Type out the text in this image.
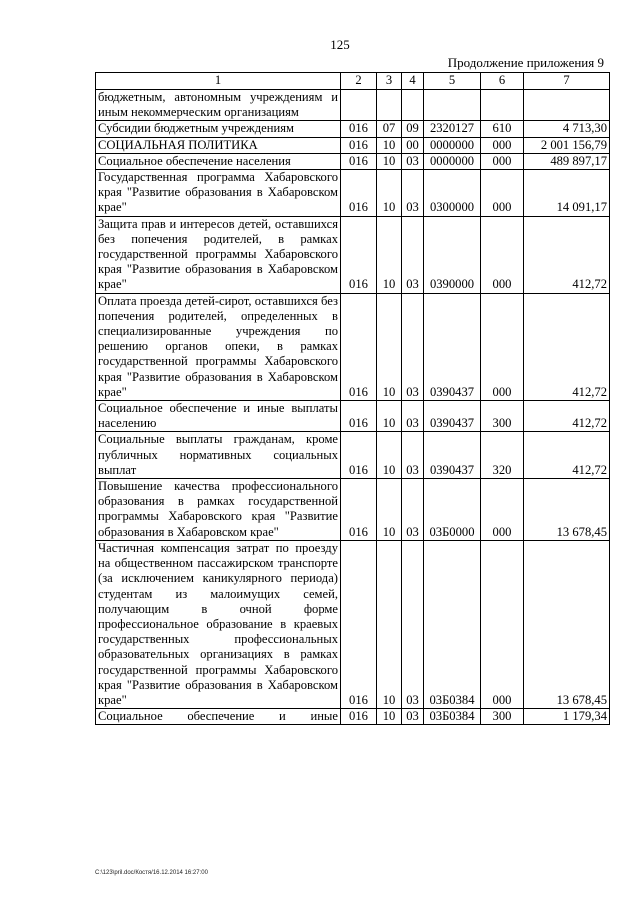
125
Продолжение приложения 9
1	2	3	4	5	6	7
бюджетным, автономным учреждениям и иным некоммерческим организациям						
Субсидии бюджетным учреждениям	016	07	09	2320127	610	4 713,30
СОЦИАЛЬНАЯ ПОЛИТИКА	016	10	00	0000000	000	2 001 156,79
Социальное обеспечение населения	016	10	03	0000000	000	489 897,17
Государственная программа Хабаровского края "Развитие образования в Хабаровском крае"	016	10	03	0300000	000	14 091,17
Защита прав и интересов детей, оставшихся без попечения родителей, в рамках государственной программы Хабаровского края "Развитие образования в Хабаровском крае"	016	10	03	0390000	000	412,72
Оплата проезда детей-сирот, оставшихся без попечения родителей, определенных в специализированные учреждения по решению органов опеки, в рамках государственной программы Хабаровского края "Развитие образования в Хабаровском крае"	016	10	03	0390437	000	412,72
Социальное обеспечение и иные выплаты населению	016	10	03	0390437	300	412,72
Социальные выплаты гражданам, кроме публичных нормативных социальных выплат	016	10	03	0390437	320	412,72
Повышение качества профессионального образования в рамках государственной программы Хабаровского края "Развитие образования в Хабаровском крае"	016	10	03	03Б0000	000	13 678,45
Частичная компенсация затрат по проезду на общественном пассажирском транспорте (за исключением каникулярного периода) студентам из малоимущих семей, получающим в очной форме профессиональное образование в краевых государственных профессиональных образовательных организациях в рамках государственной программы Хабаровского края "Развитие образования в Хабаровском крае"	016	10	03	03Б0384	000	13 678,45
Социальное обеспечение и иные	016	10	03	03Б0384	300	1 179,34
C:\123\pril.doc/Костя/16.12.2014 16:27:00
